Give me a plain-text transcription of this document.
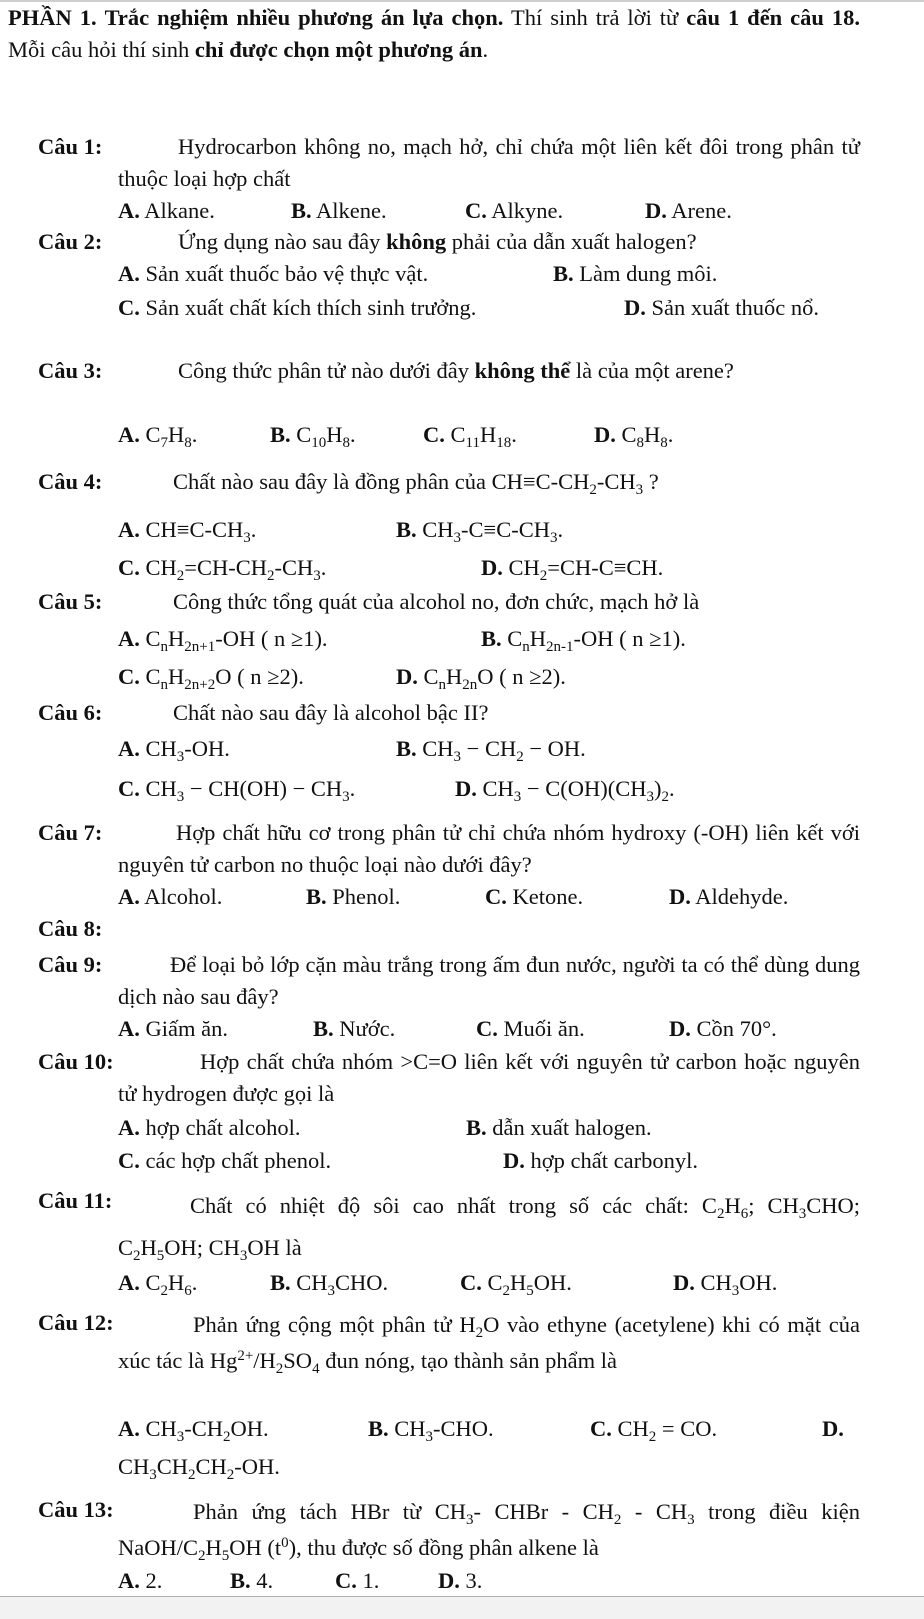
PHẦN 1. Trắc nghiệm nhiều phương án lựa chọn. Thí sinh trả lời từ câu 1 đến câu 18. Mỗi câu hỏi thí sinh chỉ được chọn một phương án.
Câu 1:	Hydrocarbon không no, mạch hở, chỉ chứa một liên kết đôi trong phân tử thuộc loại hợp chất
A. Alkane.	B. Alkene.	C. Alkyne.	D. Arene.
Câu 2:	Ứng dụng nào sau đây không phải của dẫn xuất halogen?
A. Sản xuất thuốc bảo vệ thực vật.	B. Làm dung môi.
C. Sản xuất chất kích thích sinh trưởng.	D. Sản xuất thuốc nổ.
Câu 3:	Công thức phân tử nào dưới đây không thể là của một arene?
A. $C_7H_8$.	B. $C_{10}H_8$.	C. $C_{11}H_{18}$.	D. $C_8H_8$.
Câu 4:	Chất nào sau đây là đồng phân của $CH\equiv C-CH_2-CH_3$ ?
A. $CH\equiv C-CH_3$.	B. $CH_3-C\equiv C-CH_3$.
C. $CH_2=CH-CH_2-CH_3$.	D. $CH_2=CH-C\equiv CH$.
Câu 5:	Công thức tổng quát của alcohol no, đơn chức, mạch hở là
A. $C_nH_{2n+1}-OH$ ( n ≥1).	B. $C_nH_{2n-1}-OH$ ( n ≥1).
C. $C_nH_{2n+2}O$ ( n ≥2).	D. $C_nH_{2n}O$ ( n ≥2).
Câu 6:	Chất nào sau đây là alcohol bậc II?
A. $CH_3-OH$.	B. $CH_3 - CH_2$ − OH.
C. $CH_3 - CH(OH) - CH_3$.	D. $CH_3 - C(OH)(CH_3)_2$.
Câu 7:	Hợp chất hữu cơ trong phân tử chỉ chứa nhóm hydroxy (-OH) liên kết với nguyên tử carbon no thuộc loại nào dưới đây?
A. Alcohol.	B. Phenol.	C. Ketone.	D. Aldehyde.
Câu 8:
Câu 9:	Để loại bỏ lớp cặn màu trắng trong ấm đun nước, người ta có thể dùng dung dịch nào sau đây?
A. Giấm ăn.	B. Nước.	C. Muối ăn.	D. Cồn 70°.
Câu 10:	Hợp chất chứa nhóm >C=O liên kết với nguyên tử carbon hoặc nguyên tử hydrogen được gọi là
A. hợp chất alcohol.	B. dẫn xuất halogen.
C. các hợp chất phenol.	D. hợp chất carbonyl.
Câu 11:	Chất có nhiệt độ sôi cao nhất trong số các chất: $C_2H_6$; $CH_3CHO$; $C_2H_5OH$; $CH_3OH$ là
A. $C_2H_6$.	B. $CH_3CHO$.	C. $C_2H_5OH$.	D. $CH_3OH$.
Câu 12:	Phản ứng cộng một phân tử $H_2O$ vào ethyne (acetylene) khi có mặt của xúc tác là $Hg^{2+}/H_2SO_4$ đun nóng, tạo thành sản phẩm là
A. $CH_3-CH_2OH$.	B. $CH_3$-CHO.	C. $CH_2$ = CO.	D.
$CH_3CH_2CH_2-OH$.
Câu 13:	Phản ứng tách HBr từ $CH_3-$ CHBr - $CH_2 - CH_3$ trong điều kiện NaOH/$C_2H_5OH$ $(t^0)$, thu được số đồng phân alkene là
A. 2.	B. 4.	C. 1.	D. 3.
